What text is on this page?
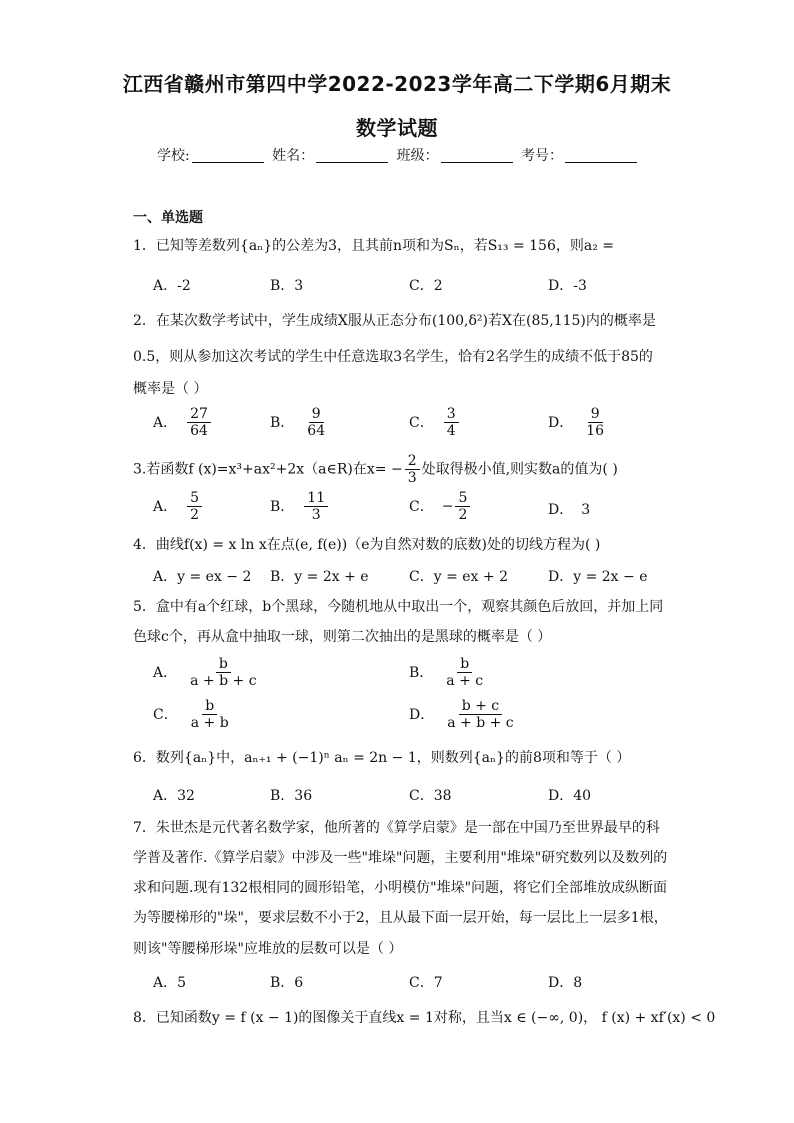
江西省赣州市第四中学2022-2023学年高二下学期6月期末
数学试题
学校:	姓名：	班级：	考号：
一、单选题
1．已知等差数列{aₙ}的公差为3，且其前n项和为Sₙ，若S₁₃ = 156，则a₂ =
A．-2	B．3	C．2	D．-3
2．在某次数学考试中，学生成绩X服从正态分布(100,δ²)若X在(85,115)内的概率是
0.5，则从参加这次考试的学生中任意选取3名学生，恰有2名学生的成绩不低于85的
概率是（ ）
A． $\frac{27}{64}$	B． $\frac{9}{64}$	C． $\frac{3}{4}$	D． $\frac{9}{16}$
3.若函数f (x)=x³+ax²+2x（a∈R)在$x= - \frac{2}{3}$ 处取得极小值,则实数a的值为( )
A． $\frac{5}{2}$	B． $\frac{11}{3}$	C． − $\frac{5}{2}$	D． 3
4．曲线f(x) = x ln x在点(e, f(e))（e为自然对数的底数)处的切线方程为( )
A．y = ex − 2 B．y = 2x + e	C．y = ex + 2	D．y = 2x − e
5．盒中有a个红球，b个黑球，今随机地从中取出一个，观察其颜色后放回，并加上同
色球c个，再从盒中抽取一球，则第二次抽出的是黑球的概率是（ ）
A． $\frac{b}{a + b + c}$	B． $\frac{b}{a + c}$
C． $\frac{b}{a + b}$	D． $\frac{b + c}{a + b + c}$
6．数列{aₙ}中，aₙ₊₁ + (−1)ⁿ aₙ = 2n − 1，则数列{aₙ}的前8项和等于（ ）
A．32	B．36	C．38	D．40
7．朱世杰是元代著名数学家，他所著的《算学启蒙》是一部在中国乃至世界最早的科
学普及著作.《算学启蒙》中涉及一些"堆垛"问题，主要利用"堆垛"研究数列以及数列的
求和问题.现有132根相同的圆形铅笔，小明模仿"堆垛"问题，将它们全部堆放成纵断面
为等腰梯形的"垛"，要求层数不小于2，且从最下面一层开始，每一层比上一层多1根，
则该"等腰梯形垛"应堆放的层数可以是（ ）
A．5	B．6	C．7	D．8
8．已知函数y = f (x − 1)的图像关于直线x = 1对称，且当x ∈ (−∞, 0)， f (x) + xf′(x) < 0
